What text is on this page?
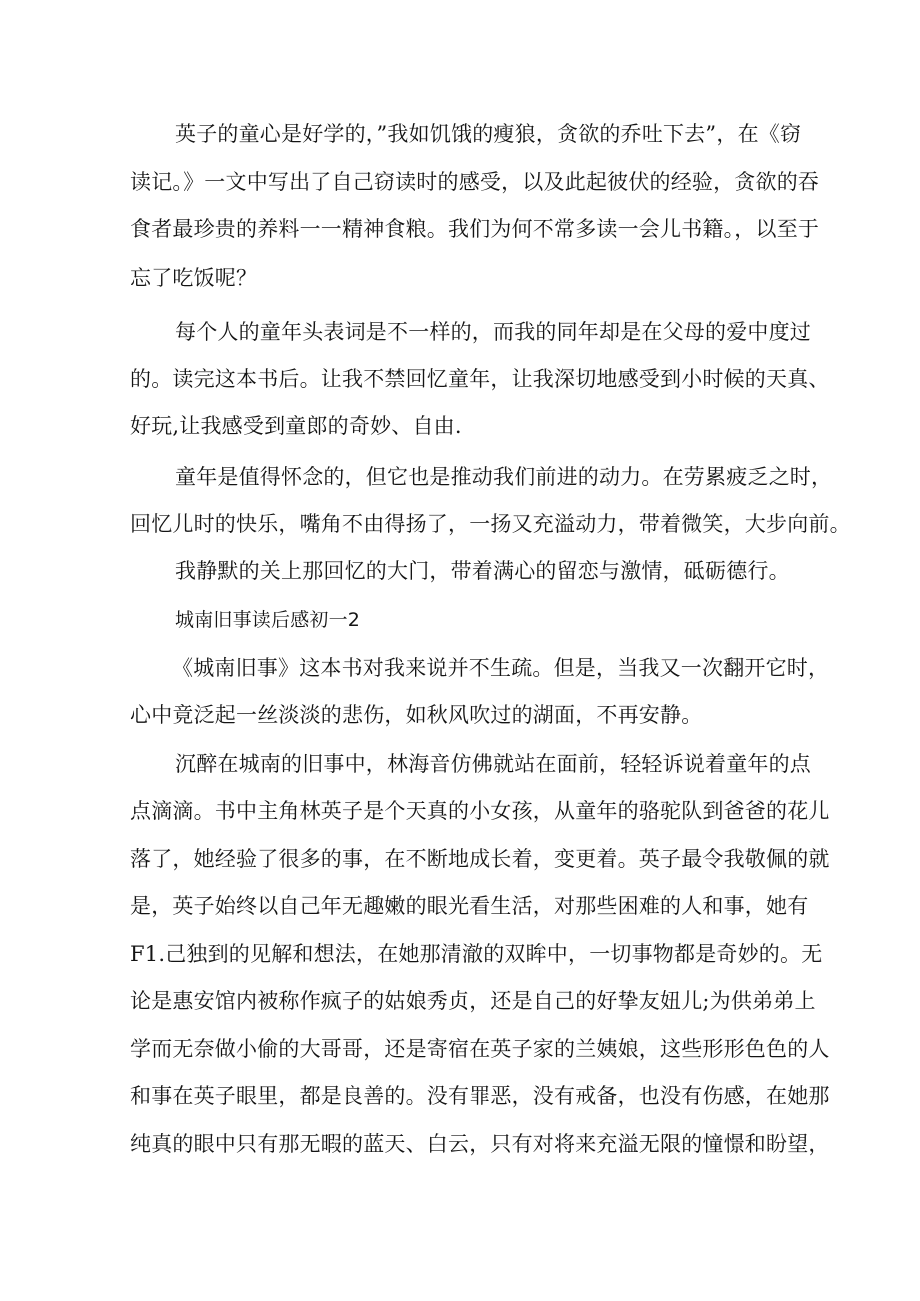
英子的童心是好学的，”我如饥饿的瘦狼，贪欲的乔吐下去”，在《窃
读记。》一文中写出了自己窃读时的感受，以及此起彼伏的经验，贪欲的吞
食者最珍贵的养料一一精神食粮。我们为何不常多读一会儿书籍。，以至于
忘了吃饭呢？
每个人的童年头表词是不一样的，而我的同年却是在父母的爱中度过
的。读完这本书后。让我不禁回忆童年，让我深切地感受到小时候的天真、
好玩,让我感受到童郎的奇妙、自由.
童年是值得怀念的，但它也是推动我们前进的动力。在劳累疲乏之时，
回忆儿时的快乐，嘴角不由得扬了，一扬又充溢动力，带着微笑，大步向前。
我静默的关上那回忆的大门，带着满心的留恋与激情，砥砺德行。
城南旧事读后感初一2
《城南旧事》这本书对我来说并不生疏。但是，当我又一次翻开它时，
心中竟泛起一丝淡淡的悲伤，如秋风吹过的湖面，不再安静。
沉醉在城南的旧事中，林海音仿佛就站在面前，轻轻诉说着童年的点
点滴滴。书中主角林英子是个天真的小女孩，从童年的骆驼队到爸爸的花儿
落了，她经验了很多的事，在不断地成长着，变更着。英子最令我敬佩的就
是，英子始终以自己年无趣嫩的眼光看生活，对那些困难的人和事，她有
F1.己独到的见解和想法，在她那清澈的双眸中，一切事物都是奇妙的。无
论是惠安馆内被称作疯子的姑娘秀贞，还是自己的好挚友妞儿;为供弟弟上
学而无奈做小偷的大哥哥，还是寄宿在英子家的兰姨娘，这些形形色色的人
和事在英子眼里，都是良善的。没有罪恶，没有戒备，也没有伤感，在她那
纯真的眼中只有那无暇的蓝天、白云，只有对将来充溢无限的憧憬和盼望，
